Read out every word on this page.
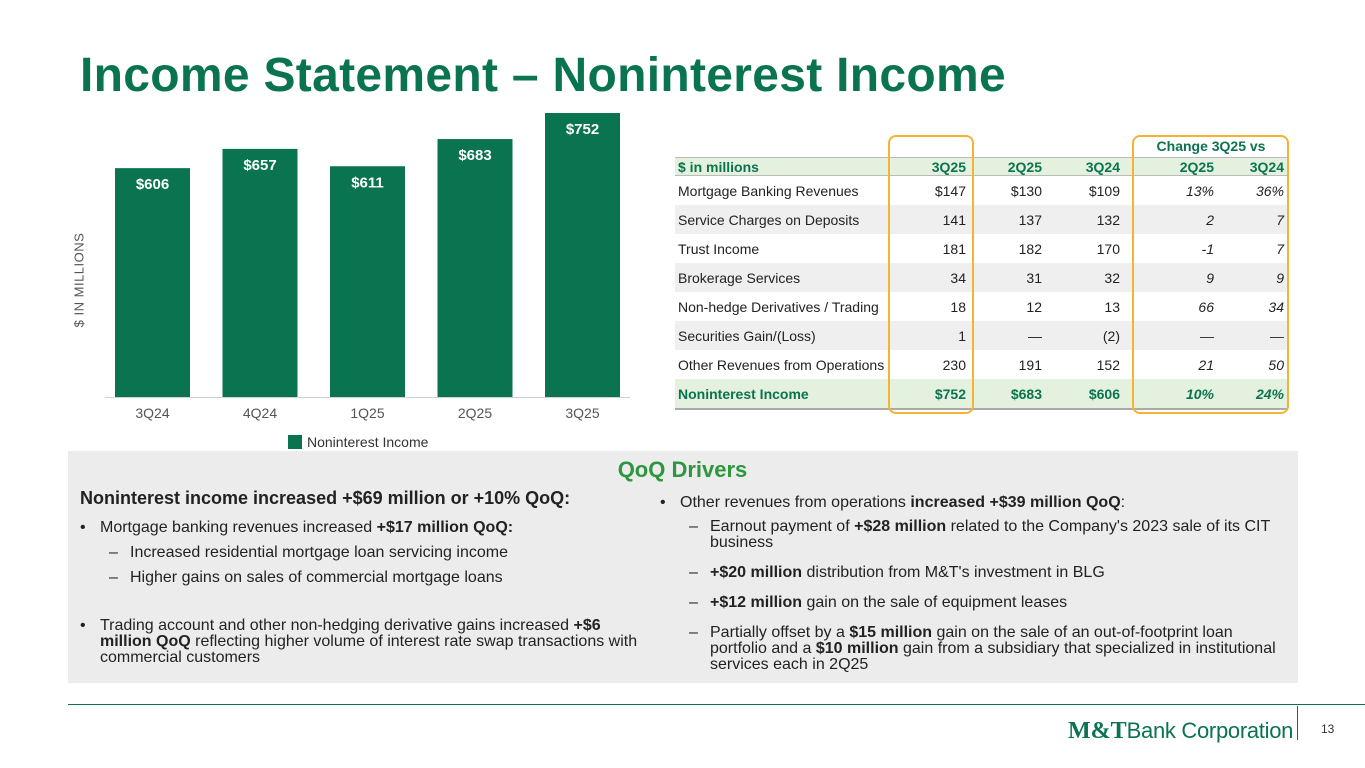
Income Statement – Noninterest Income
$606
3Q24
$657
4Q24
$611
1Q25
$683
2Q25
$752
3Q25
$ IN MILLIONS
Noninterest Income
Change 3Q25 vs
$ in millions	3Q25	2Q25	3Q24	2Q25	3Q24
Mortgage Banking Revenues	$147	$130	$109	13%	36%
Service Charges on Deposits	141	137	132	2	7
Trust Income	181	182	170	-1	7
Brokerage Services	34	31	32	9	9
Non-hedge Derivatives / Trading	18	12	13	66	34
Securities Gain/(Loss)	1	—	(2)	—	—
Other Revenues from Operations	230	191	152	21	50
Noninterest Income	$752	$683	$606	10%	24%
QoQ Drivers
Noninterest income increased +$69 million or +10% QoQ:
• Mortgage banking revenues increased +$17 million QoQ:
– Increased residential mortgage loan servicing income
– Higher gains on sales of commercial mortgage loans
• Trading account and other non-hedging derivative gains increased +$6 million QoQ reflecting higher volume of interest rate swap transactions with commercial customers
• Other revenues from operations increased +$39 million QoQ:
– Earnout payment of +$28 million related to the Company's 2023 sale of its CIT business
– +$20 million distribution from M&T's investment in BLG
– +$12 million gain on the sale of equipment leases
– Partially offset by a $15 million gain on the sale of an out-of-footprint loan portfolio and a $10 million gain from a subsidiary that specialized in institutional services each in 2Q25
M&TBank Corporation 13
